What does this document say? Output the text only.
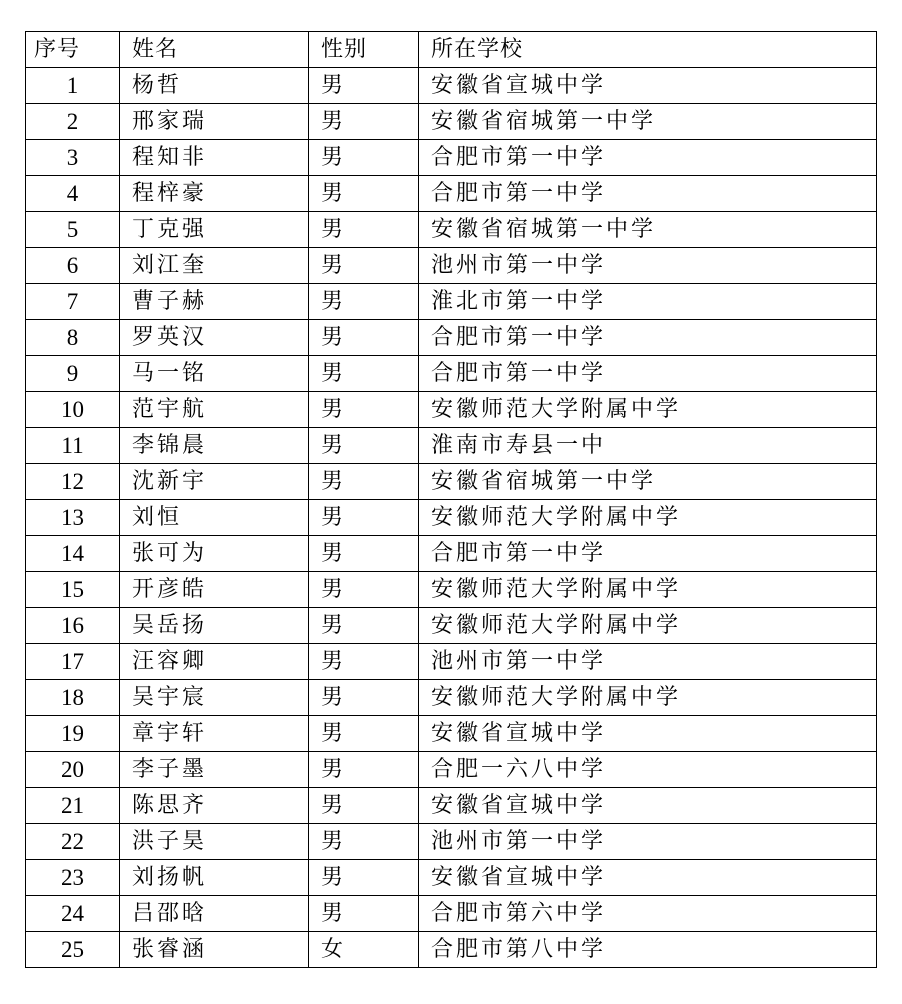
序号	姓名	性别	所在学校
1	杨哲	男	安徽省宣城中学
2	邢家瑞	男	安徽省宿城第一中学
3	程知非	男	合肥市第一中学
4	程梓豪	男	合肥市第一中学
5	丁克强	男	安徽省宿城第一中学
6	刘江奎	男	池州市第一中学
7	曹子赫	男	淮北市第一中学
8	罗英汉	男	合肥市第一中学
9	马一铭	男	合肥市第一中学
10	范宇航	男	安徽师范大学附属中学
11	李锦晨	男	淮南市寿县一中
12	沈新宇	男	安徽省宿城第一中学
13	刘恒	男	安徽师范大学附属中学
14	张可为	男	合肥市第一中学
15	开彦皓	男	安徽师范大学附属中学
16	吴岳扬	男	安徽师范大学附属中学
17	汪容卿	男	池州市第一中学
18	吴宇宸	男	安徽师范大学附属中学
19	章宇轩	男	安徽省宣城中学
20	李子墨	男	合肥一六八中学
21	陈思齐	男	安徽省宣城中学
22	洪子昊	男	池州市第一中学
23	刘扬帆	男	安徽省宣城中学
24	吕邵晗	男	合肥市第六中学
25	张睿涵	女	合肥市第八中学
